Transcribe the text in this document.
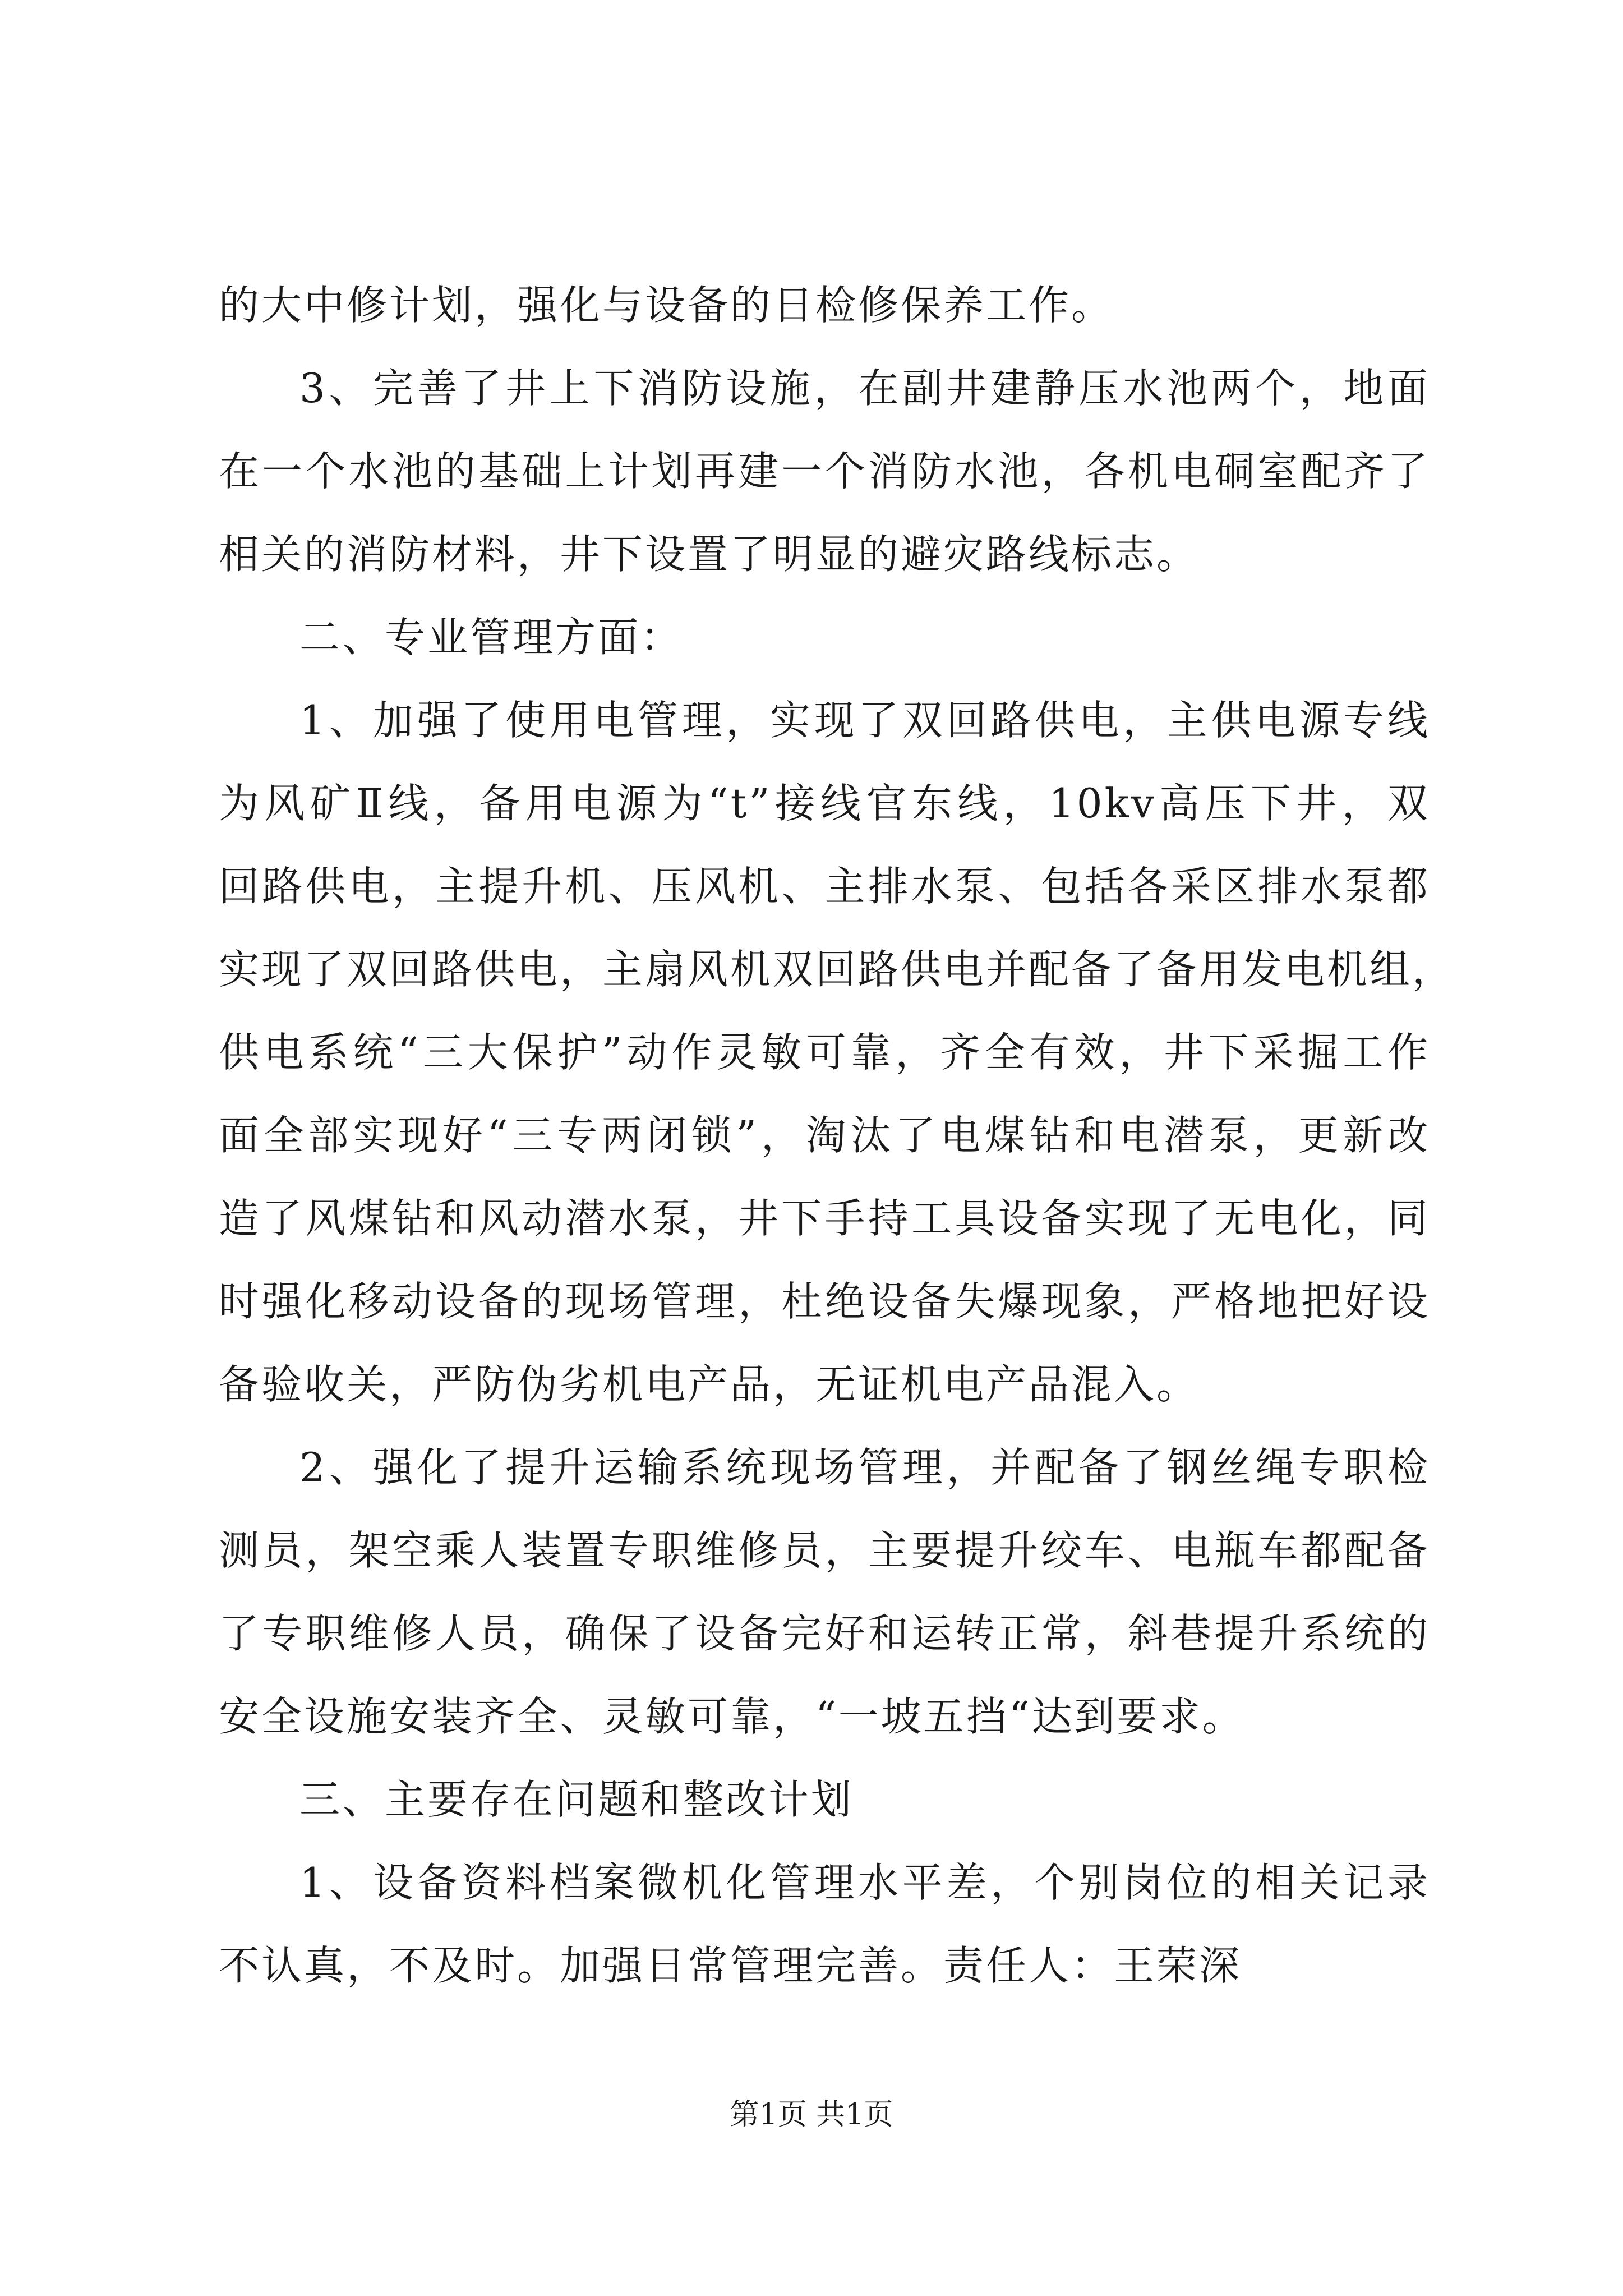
的大中修计划，强化与设备的日检修保养工作。
3、完善了井上下消防设施，在副井建静压水池两个，地面
在一个水池的基础上计划再建一个消防水池，各机电硐室配齐了
相关的消防材料，井下设置了明显的避灾路线标志。
二、专业管理方面：
1、加强了使用电管理，实现了双回路供电，主供电源专线
为风矿Ⅱ线，备用电源为“t”接线官东线，10kv高压下井，双
回路供电，主提升机、压风机、主排水泵、包括各采区排水泵都
实现了双回路供电，主扇风机双回路供电并配备了备用发电机组，
供电系统“三大保护”动作灵敏可靠，齐全有效，井下采掘工作
面全部实现好“三专两闭锁”，淘汰了电煤钻和电潜泵，更新改
造了风煤钻和风动潜水泵，井下手持工具设备实现了无电化，同
时强化移动设备的现场管理，杜绝设备失爆现象，严格地把好设
备验收关，严防伪劣机电产品，无证机电产品混入。
2、强化了提升运输系统现场管理，并配备了钢丝绳专职检
测员，架空乘人装置专职维修员，主要提升绞车、电瓶车都配备
了专职维修人员，确保了设备完好和运转正常，斜巷提升系统的
安全设施安装齐全、灵敏可靠，“一坡五挡“达到要求。
三、主要存在问题和整改计划
1、设备资料档案微机化管理水平差，个别岗位的相关记录
不认真，不及时。加强日常管理完善。责任人：王荣深
第1页 共1页
